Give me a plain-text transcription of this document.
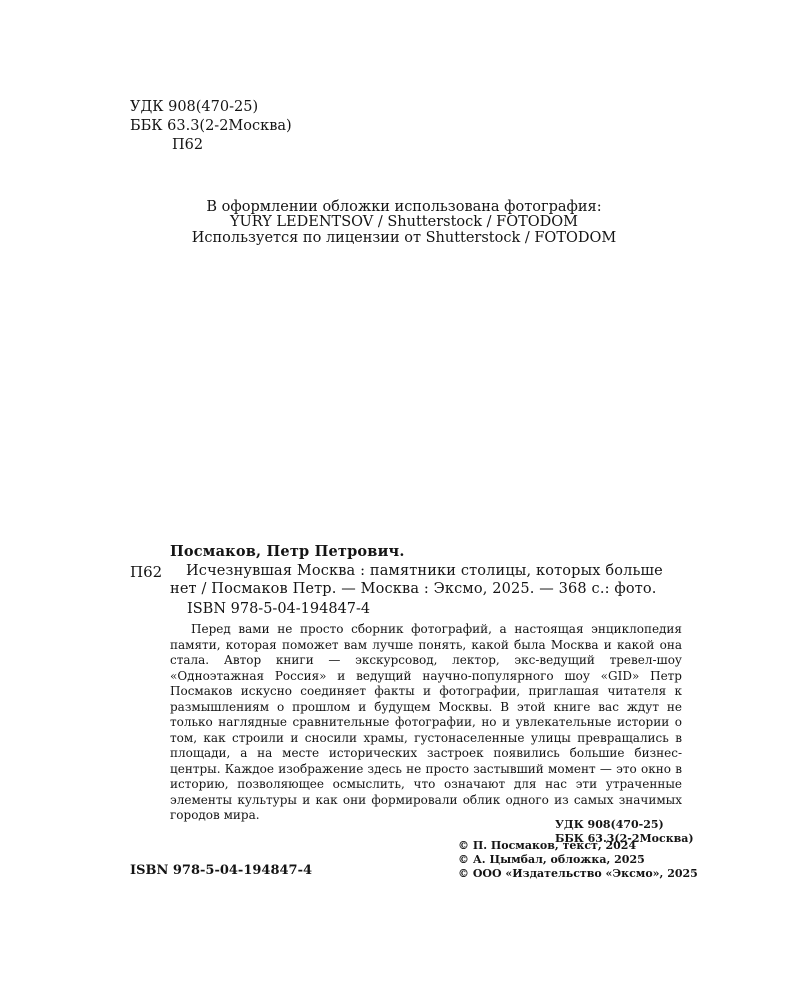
УДК 908(470-25)
ББК 63.3(2-2Москва)
П62
В оформлении обложки использована фотография:
YURY LEDENTSOV / Shutterstock / FOTODOM
Используется по лицензии от Shutterstock / FOTODOM
Посмаков, Петр Петрович.
П62 Исчезнувшая Москва : памятники столицы, которых больше
нет / Посмаков Петр. — Москва : Эксмо, 2025. — 368 с.: фото.
ISBN 978-5-04-194847-4

Перед вами не просто сборник фотографий, а настоящая энциклопедия памяти, которая поможет вам лучше понять, какой была Москва и какой она стала. Автор книги — экскурсовод, лектор, экс-ведущий тревел-шоу «Одноэтажная Россия» и ведущий научно-популярного шоу «GID» Петр Посмаков искусно соединяет факты и фотографии, приглашая читателя к размышлениям о прошлом и будущем Москвы. В этой книге вас ждут не только наглядные сравнительные фотографии, но и увлекательные истории о том, как строили и сносили храмы, густонаселенные улицы превращались в площади, а на месте исторических застроек появились большие бизнес-центры. Каждое изображение здесь не просто застывший момент — это окно в историю, позволяющее осмыслить, что означают для нас эти утраченные элементы культуры и как они формировали облик одного из самых значимых городов мира.

УДК 908(470-25)
ББК 63.3(2-2Москва)
ISBN 978-5-04-194847-4
© П. Посмаков, текст, 2024
© А. Цымбал, обложка, 2025
© ООО «Издательство «Эксмо», 2025
